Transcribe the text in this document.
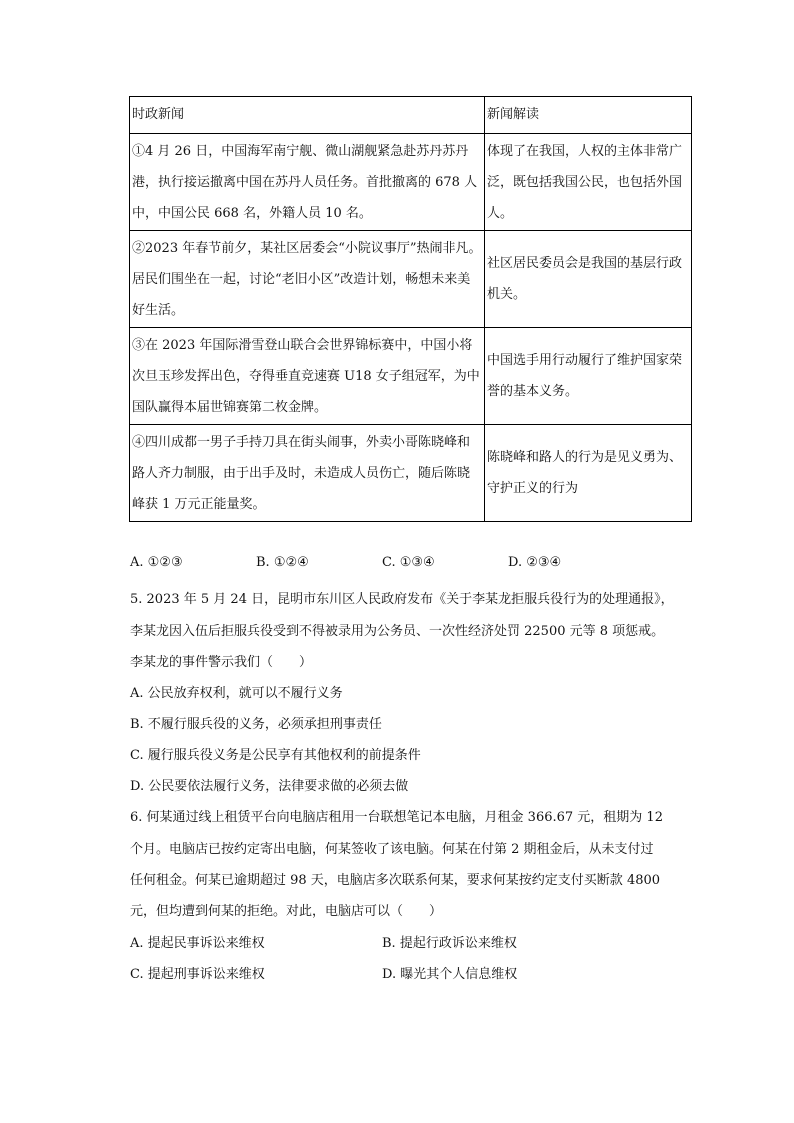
时政新闻	新闻解读
①4 月 26 日，中国海军南宁舰、微山湖舰紧急赴苏丹苏丹港，执行接运撤离中国在苏丹人员任务。首批撤离的 678 人中，中国公民 668 名，外籍人员 10 名。	体现了在我国，人权的主体非常广泛，既包括我国公民，也包括外国人。
②2023 年春节前夕，某社区居委会“小院议事厅”热闹非凡。居民们围坐在一起，讨论“老旧小区”改造计划，畅想未来美好生活。	社区居民委员会是我国的基层行政机关。
③在 2023 年国际滑雪登山联合会世界锦标赛中，中国小将次旦玉珍发挥出色，夺得垂直竞速赛 U18 女子组冠军，为中国队赢得本届世锦赛第二枚金牌。	中国选手用行动履行了维护国家荣誉的基本义务。
④四川成都一男子手持刀具在街头闹事，外卖小哥陈晓峰和路人齐力制服，由于出手及时，未造成人员伤亡，随后陈晓峰获 1 万元正能量奖。	陈晓峰和路人的行为是见义勇为、守护正义的行为
A. ①②③	B. ①②④	C. ①③④	D. ②③④
5. 2023 年 5 月 24 日，昆明市东川区人民政府发布《关于李某龙拒服兵役行为的处理通报》，
李某龙因入伍后拒服兵役受到不得被录用为公务员、一次性经济处罚 22500 元等 8 项惩戒。
李某龙的事件警示我们（　　）
A. 公民放弃权利，就可以不履行义务
B. 不履行服兵役的义务，必须承担刑事责任
C. 履行服兵役义务是公民享有其他权利的前提条件
D. 公民要依法履行义务，法律要求做的必须去做
6. 何某通过线上租赁平台向电脑店租用一台联想笔记本电脑，月租金 366.67 元，租期为 12
个月。电脑店已按约定寄出电脑，何某签收了该电脑。何某在付第 2 期租金后，从未支付过
任何租金。何某已逾期超过 98 天，电脑店多次联系何某，要求何某按约定支付买断款 4800
元，但均遭到何某的拒绝。对此，电脑店可以（　　）
A. 提起民事诉讼来维权	B. 提起行政诉讼来维权
C. 提起刑事诉讼来维权	D. 曝光其个人信息维权
